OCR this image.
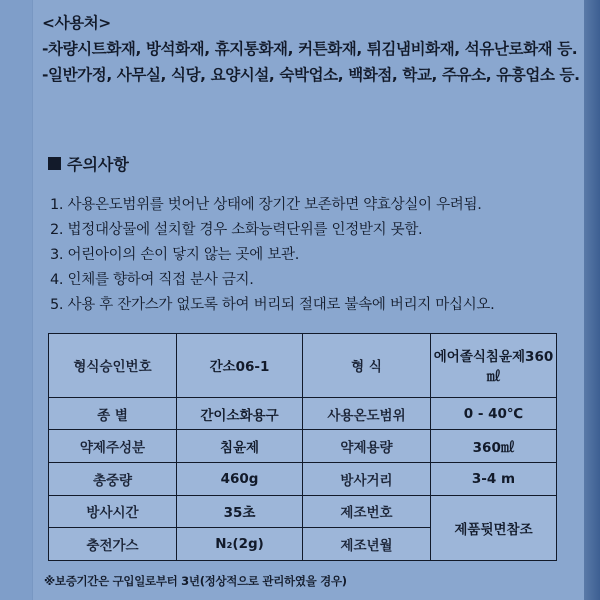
<사용처>
-차량시트화재, 방석화재, 휴지통화재, 커튼화재, 튀김냄비화재, 석유난로화재 등.
-일반가정, 사무실, 식당, 요양시설, 숙박업소, 백화점, 학교, 주유소, 유흥업소 등.
주의사항
1. 사용온도범위를 벗어난 상태에 장기간 보존하면 약효상실이 우려됨.
2. 법정대상물에 설치할 경우 소화능력단위를 인정받지 못함.
3. 어린아이의 손이 닿지 않는 곳에 보관.
4. 인체를 향하여 직접 분사 금지.
5. 사용 후 잔가스가 없도록 하여 버리되 절대로 불속에 버리지 마십시오.
형식승인번호	간소06-1	형 식	에어졸식침윤제360㎖
종 별	간이소화용구	사용온도범위	0 - 40℃
약제주성분	침윤제	약제용량	360㎖
총중량	460g	방사거리	3-4 m
방사시간	35초	제조번호	제품뒷면참조
충전가스	N₂(2g)	제조년월	
※보증기간은 구입일로부터 3년(정상적으로 관리하였을 경우)
